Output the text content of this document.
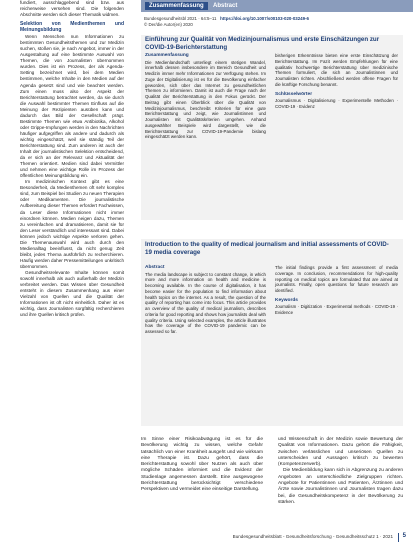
fundiert, ausschlaggebend sind bzw. aus reicherweise versehen sind. Die folgenden Abschnitte werden sich dieser Thematik widmen.

Selektion von Medienthemen und Meinungsbildung

Wenn Menschen nun Informationen zu bestimmten Gesundheitsthemen und zur Medizin suchen, stoßen sie, je nach Angebot, immer in der Ausgestaltung auf eine bestimmte Auswahl von Themen, die von Journalisten übernommen wurden. Dies ist ein Prozess, der als Agenda-Setting bezeichnet wird, bei dem Medien bestimmen, welche Inhalte in den Medien auf der Agenda gesetzt sind und wie beachtet werden. Zum einen muss also der Aspekt der Berichterstattung betrachtet werden, da sie durch die Auswahl bestimmter Themen Einfluss auf die Meinung der Rezipienten ausüben kann und dadurch das Bild der Gesellschaft prägt. Bestimmte Themen wie etwa Antibiotika, Alkohol oder Grippe-Impfungen werden in den Nachrichten häufiger aufgegriffen als andere und dadurch als wichtig eingeschätzt, weil sie ständig Teil der Berichterstattung sind. Zum anderen ist auch der Inhalt der journalistischen Selektion entscheidend, da er sich an der Relevanz und Aktualität der Themen orientiert. Medien sind dabei Vermittler und nehmen eine wichtige Rolle im Prozess der öffentlichen Meinungsbildung ein.

Im medizinischen Kontext gibt es eine Besonderheit, da Medienthemen oft sehr komplex sind, zum Beispiel bei Studien zu neuen Therapien oder Medikamenten. Die journalistische Aufbereitung dieser Themen erfordert Fachwissen, da Leser diese Informationen nicht immer einordnen können. Medien neigen dazu, Themen zu vereinfachen und dramatisieren, damit sie für den Leser verständlich und interessant sind. Dabei können jedoch wichtige Aspekte verloren gehen. Die Themenauswahl wird auch durch den Medienalltag beeinflusst, da nicht genug Zeit bleibt, jedes Thema ausführlich zu recherchieren. Häufig werden daher Pressemitteilungen unkritisch übernommen.

Gesundheitsrelevante Inhalte können somit sowohl innerhalb als auch außerhalb der Medizin verbreitet werden. Das Wissen über Gesundheit entsteht in diesem Zusammenhang aus einer Vielzahl von Quellen und die Qualität der Informationen ist oft nicht einheitlich. Daher ist es wichtig, dass Journalisten sorgfältig recherchieren und ihre Quellen kritisch prüfen.

Zusammenfassung	Abstract
Bundesgesundheitsbl 2021 · 64:5–11 https://doi.org/10.1007/s00103-020-03249-6
© Der/die Autor(en) 2020
Einführung zur Qualität von Medizinjournalismus und erste Einschätzungen zur COVID-19-Berichterstattung
Zusammenfassung

Die Medienlandschaft unterliegt einem stetigen Wandel, innerhalb dessen insbesondere im Bereich Gesundheit und Medizin immer mehr Informationen zur Verfügung stehen. Im Zuge der Digitalisierung ist es für die Bevölkerung einfacher geworden, sich über das Internet zu gesundheitlichen Themen zu informieren. Damit ist auch die Frage nach der Qualität der Berichterstattung in den Fokus gerückt. Der Beitrag gibt einen Überblick über die Qualität von Medizinjournalismus, beschreibt Kriterien für eine gute Berichterstattung und zeigt, wie Journalistinnen und Journalisten mit Qualitätskriterien umgehen. Anhand ausgewählter Beispiele wird dargestellt, wie die Berichterstattung zur COVID-19-Pandemie bislang eingeschätzt werden kann.

bisherigen Erkenntnisse bieten eine erste Einschätzung der Berichterstattung. Im Fazit werden Empfehlungen für eine qualitativ hochwertige Berichterstattung über medizinische Themen formuliert, die sich an Journalistinnen und Journalisten richten. Abschließend werden offene Fragen für die künftige Forschung benannt.

Schlüsselwörter

Journalismus · Digitalisierung · Experimentelle Methoden · COVID-19 · Evidenz

Introduction to the quality of medical journalism and initial assessments of COVID-19 media coverage
Abstract

The media landscape is subject to constant change, in which more and more information on health and medicine is becoming available. In the course of digitalisation, it has become easier for the population to find information about health topics on the internet. As a result, the question of the quality of reporting has come into focus. This article provides an overview of the quality of medical journalism, describes criteria for good reporting and shows how journalists deal with quality criteria. Using selected examples, the article illustrates how the coverage of the COVID-19 pandemic can be assessed so far.

The initial findings provide a first assessment of media coverage. In conclusion, recommendations for high-quality reporting on medical topics are formulated that are aimed at journalists. Finally, open questions for future research are identified.

Keywords

Journalism · Digitization · Experimental methods · COVID-19 · Evidence

Im Sinne einer Risikoabwägung ist es für die Bevölkerung wichtig zu wissen, welche Gefahr tatsächlich von einer Krankheit ausgeht und wie wirksam eine Therapie ist. Dazu gehört, dass die Berichterstattung sowohl über Nutzen als auch über mögliche Schäden informiert und die Evidenz der Studienlage angemessen darstellt. Eine ausgewogene Berichterstattung berücksichtigt verschiedene Perspektiven und vermeidet eine einseitige Darstellung.

und Wissenschaft in der Medizin sowie Bewertung der Qualität von Informationen. Dazu gehört die Fähigkeit, zwischen verlässlichen und unseriösen Quellen zu unterscheiden und Aussagen kritisch zu bewerten (Kompetenzerwerb).

Die Medienbildung kann sich in Abgrenzung zu anderen Angeboten an unterschiedliche Zielgruppen richten. Angebote für Patientinnen und Patienten, Ärztinnen und Ärzte sowie Journalistinnen und Journalisten tragen dazu bei, die Gesundheitskompetenz in der Bevölkerung zu stärken.

Bundesgesundheitsblatt - Gesundheitsforschung - Gesundheitsschutz 1 · 2021 5
